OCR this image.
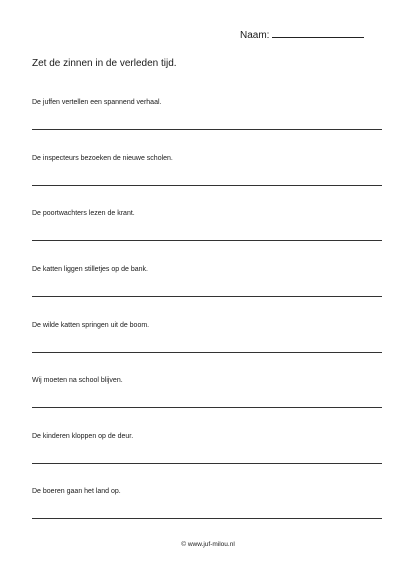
Naam:
Zet de zinnen in de verleden tijd.
De juffen vertellen een spannend verhaal.
De inspecteurs bezoeken de nieuwe scholen.
De poortwachters lezen de krant.
De katten liggen stilletjes op de bank.
De wilde katten springen uit de boom.
Wij moeten na school blijven.
De kinderen kloppen op de deur.
De boeren gaan het land op.
© www.juf-milou.nl
